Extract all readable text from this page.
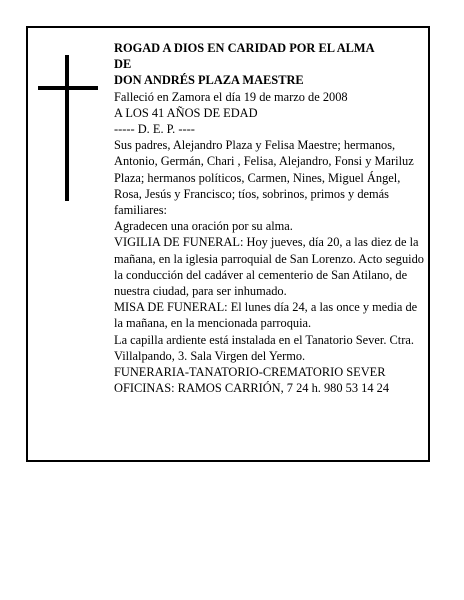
ROGAD A DIOS EN CARIDAD POR EL ALMA
DE
DON ANDRÉS PLAZA MAESTRE
Falleció en Zamora el día 19 de marzo de 2008
A LOS 41 AÑOS DE EDAD
----- D. E. P. ----
Sus padres, Alejandro Plaza y Felisa Maestre; hermanos, Antonio, Germán, Chari , Felisa, Alejandro, Fonsi y Mariluz Plaza; hermanos políticos, Carmen, Nines, Miguel Ángel, Rosa, Jesús y Francisco; tíos, sobrinos, primos y demás familiares:
Agradecen una oración por su alma.
VIGILIA DE FUNERAL: Hoy jueves, día 20, a las diez de la mañana, en la iglesia parroquial de San Lorenzo. Acto seguido la conducción del cadáver al cementerio de San Atilano, de nuestra ciudad, para ser inhumado.
MISA DE FUNERAL: El lunes día 24, a las once y media de la mañana, en la mencionada parroquia.
La capilla ardiente está instalada en el Tanatorio Sever. Ctra. Villalpando, 3. Sala Virgen del Yermo.
FUNERARIA-TANATORIO-CREMATORIO SEVER
OFICINAS: RAMOS CARRIÓN, 7 24 h. 980 53 14 24
